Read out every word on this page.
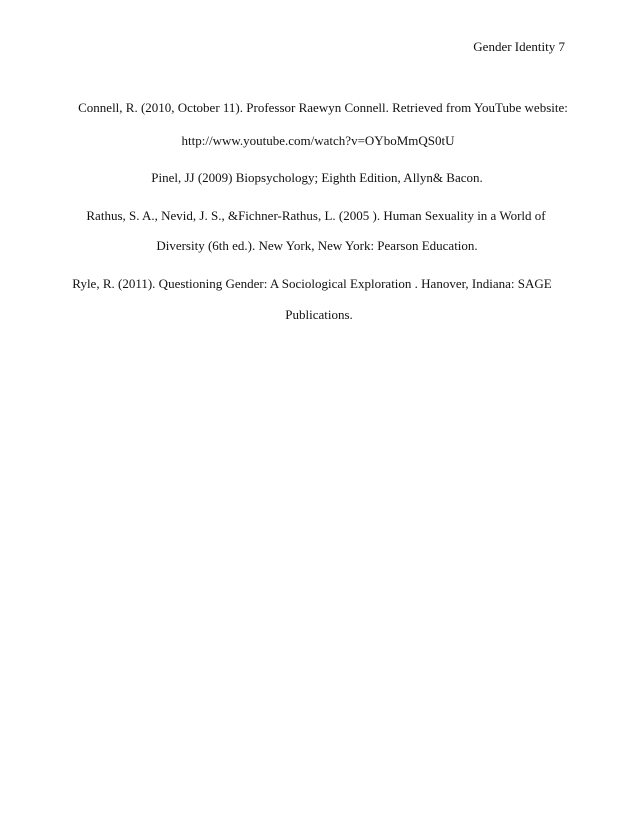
Gender Identity 7
Connell, R. (2010, October 11). Professor Raewyn Connell. Retrieved from YouTube website:
http://www.youtube.com/watch?v=OYboMmQS0tU
Pinel, JJ (2009) Biopsychology; Eighth Edition, Allyn& Bacon.
Rathus, S. A., Nevid, J. S., &Fichner-Rathus, L. (2005 ). Human Sexuality in a World of
Diversity (6th ed.). New York, New York: Pearson Education.
Ryle, R. (2011). Questioning Gender: A Sociological Exploration . Hanover, Indiana: SAGE
Publications.
